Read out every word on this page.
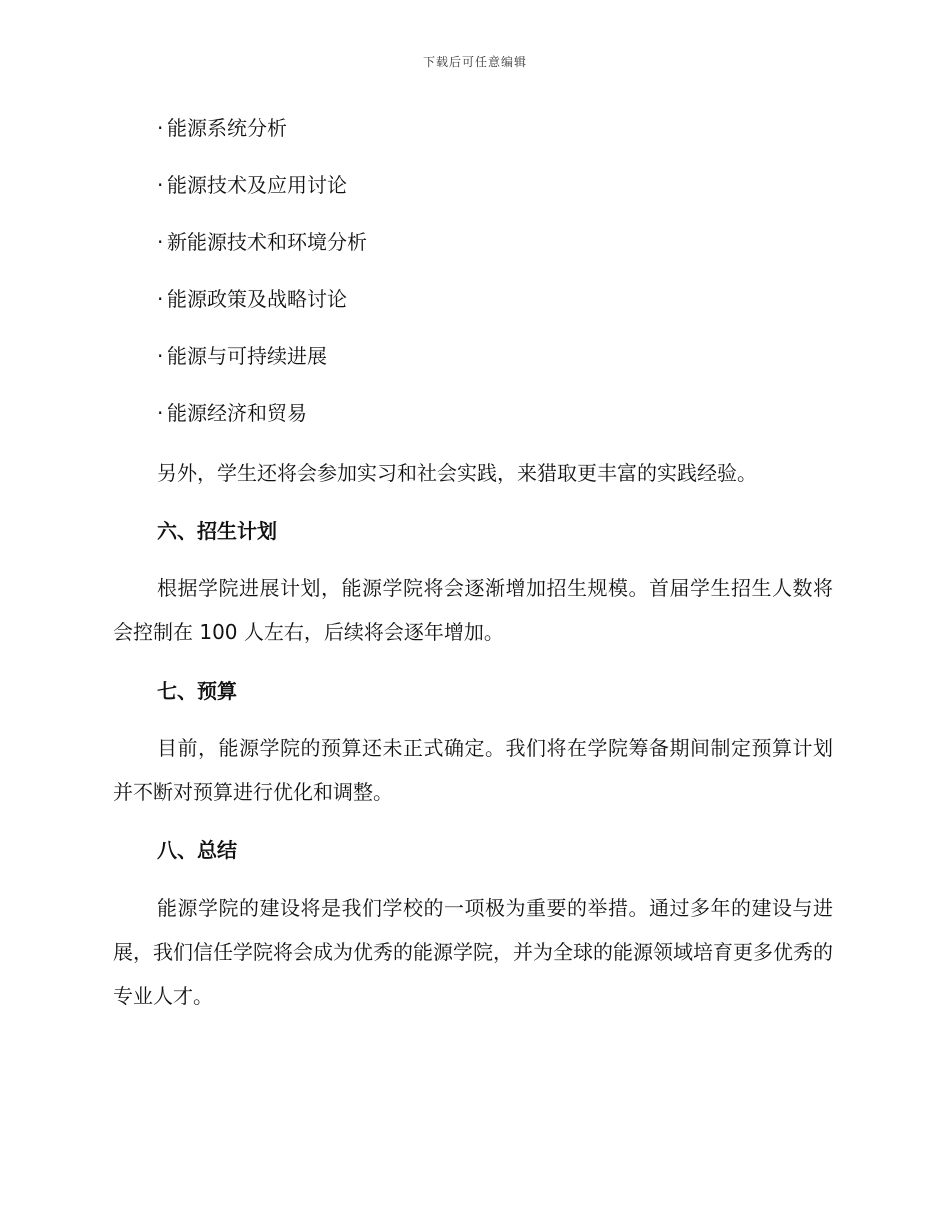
下载后可任意编辑
· 能源系统分析
· 能源技术及应用讨论
· 新能源技术和环境分析
· 能源政策及战略讨论
· 能源与可持续进展
· 能源经济和贸易

另外，学生还将会参加实习和社会实践，来猎取更丰富的实践经验。

六、招生计划

根据学院进展计划，能源学院将会逐渐增加招生规模。首届学生招生人数将会控制在 100 人左右，后续将会逐年增加。

七、预算

目前，能源学院的预算还未正式确定。我们将在学院筹备期间制定预算计划并不断对预算进行优化和调整。

八、总结

能源学院的建设将是我们学校的一项极为重要的举措。通过多年的建设与进展，我们信任学院将会成为优秀的能源学院，并为全球的能源领域培育更多优秀的专业人才。
